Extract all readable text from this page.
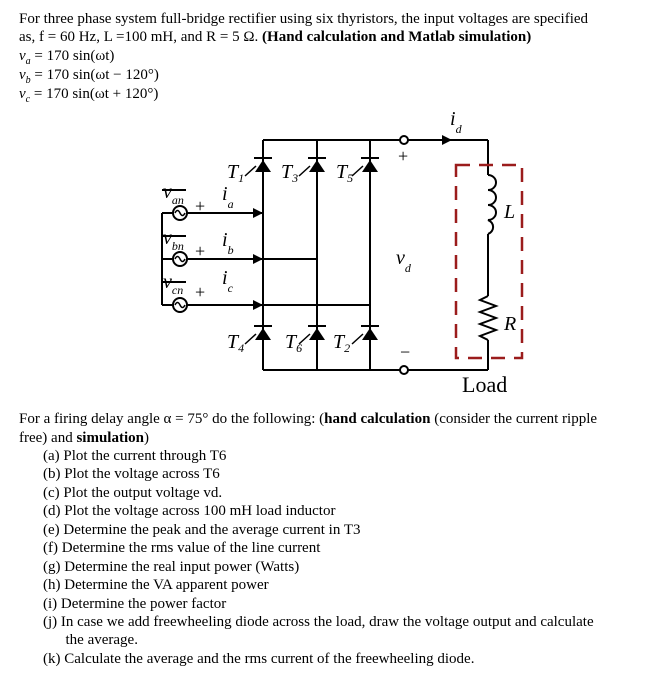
For three phase system full-bridge rectifier using six thyristors, the input voltages are specified
as, f = 60 Hz, L =100 mH, and R = 5 Ω. (Hand calculation and Matlab simulation)
$v_a = 170$ sin(ωt)
$v_b = 170$ sin(ωt − 120°)
$v_c = 170$ sin(ωt + 120°)
$T_1$ $T_3$ $T_5$
$T_4$ $T_6$ $T_2$
$v_{an}$
$v_{bn}$
$v_{cn}$
$i_a$
$i_b$
$i_c$
$i_d$
$v_d$
L
R
+
+
+
+
−
Load
For a firing delay angle α = 75° do the following: (hand calculation (consider the current ripple
free) and simulation)
(a) Plot the current through T6
(b) Plot the voltage across T6
(c) Plot the output voltage vd.
(d) Plot the voltage across 100 mH load inductor
(e) Determine the peak and the average current in T3
(f) Determine the rms value of the line current
(g) Determine the real input power (Watts)
(h) Determine the VA apparent power
(i) Determine the power factor
(j) In case we add freewheeling diode across the load, draw the voltage output and calculate
the average.
(k) Calculate the average and the rms current of the freewheeling diode.
